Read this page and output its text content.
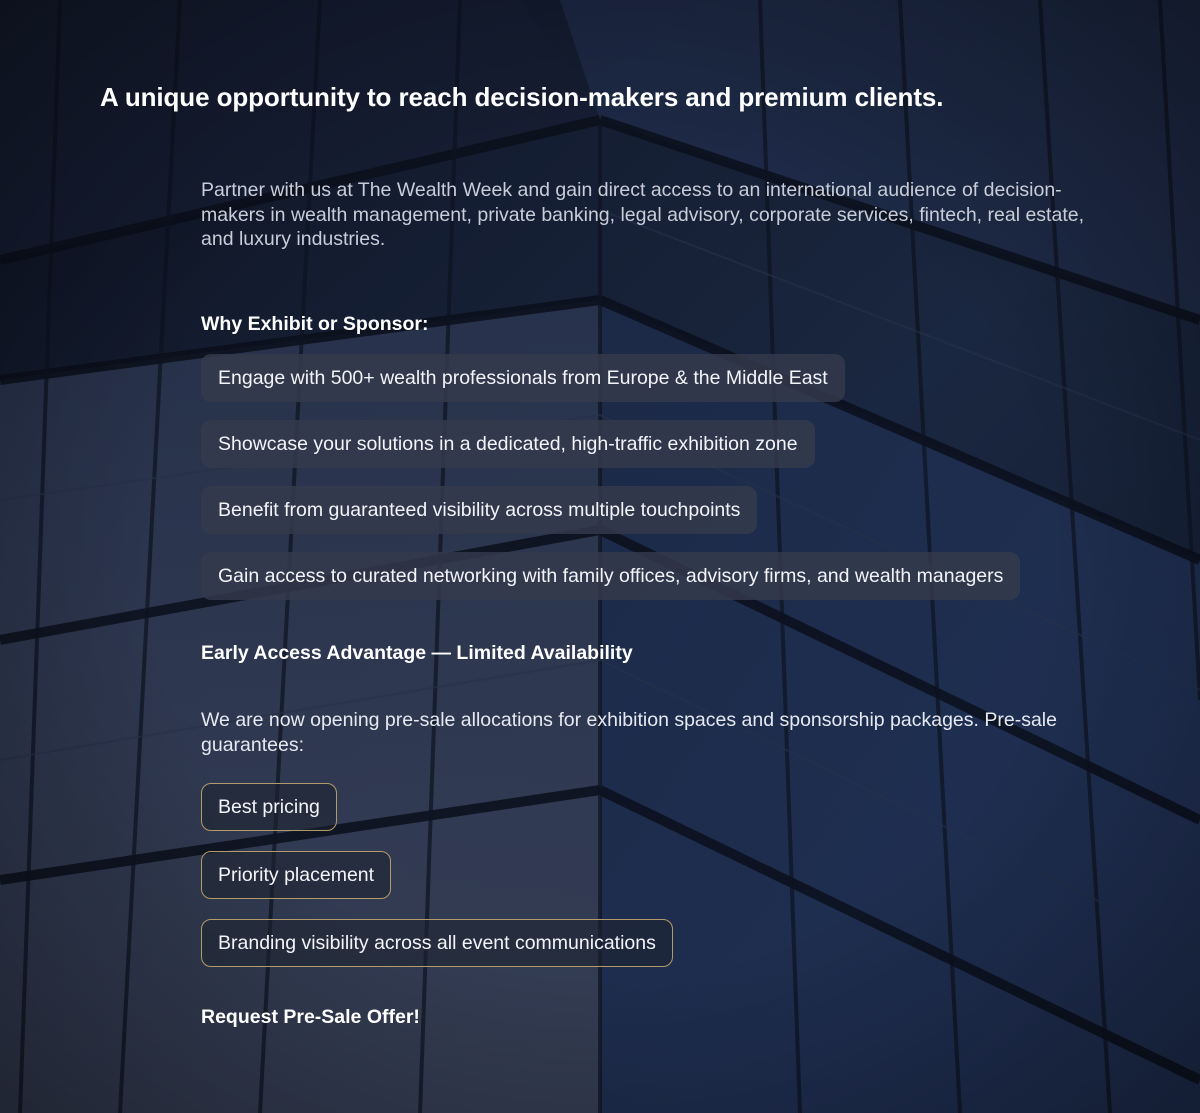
A unique opportunity to reach decision-makers and premium clients.

Partner with us at The Wealth Week and gain direct access to an international audience of decision-makers in wealth management, private banking, legal advisory, corporate services, fintech, real estate, and luxury industries.

Why Exhibit or Sponsor:
Engage with 500+ wealth professionals from Europe & the Middle East
Showcase your solutions in a dedicated, high-traffic exhibition zone
Benefit from guaranteed visibility across multiple touchpoints
Gain access to curated networking with family offices, advisory firms, and wealth managers
Early Access Advantage — Limited Availability

We are now opening pre-sale allocations for exhibition spaces and sponsorship packages. Pre-sale guarantees:

Best pricing
Priority placement
Branding visibility across all event communications
Request Pre-Sale Offer!
